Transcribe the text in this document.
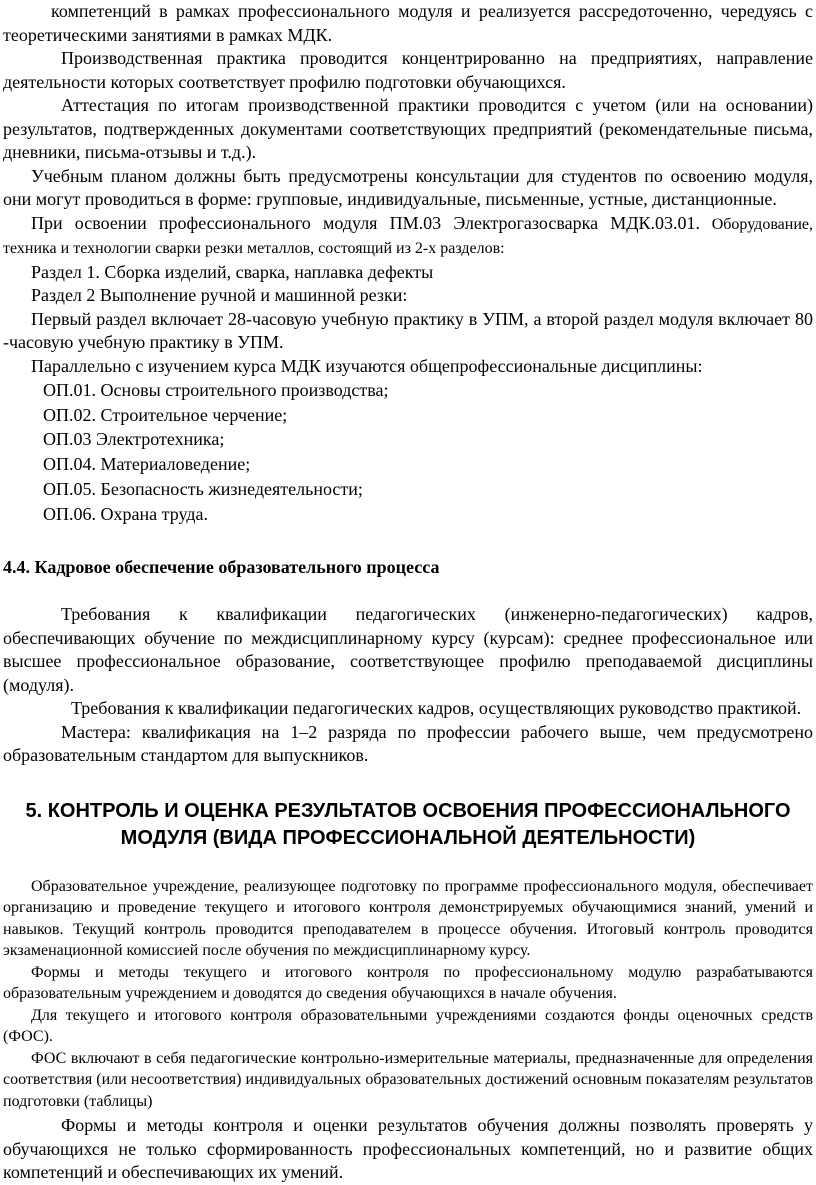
компетенций в рамках профессионального модуля и реализуется рассредоточенно, чередуясь с теоретическими занятиями в рамках МДК.

Производственная практика проводится концентрированно на предприятиях, направление деятельности которых соответствует профилю подготовки обучающихся.

Аттестация по итогам производственной практики проводится с учетом (или на основании) результатов, подтвержденных документами соответствующих предприятий (рекомендательные письма, дневники, письма-отзывы и т.д.).

Учебным планом должны быть предусмотрены консультации для студентов по освоению модуля, они могут проводиться в форме: групповые, индивидуальные, письменные, устные, дистанционные.

При освоении профессионального модуля ПМ.03 Электрогазосварка МДК.03.01. Оборудование, техника и технологии сварки резки металлов, состоящий из 2-х разделов:

Раздел 1. Сборка изделий, сварка, наплавка дефекты

Раздел 2 Выполнение ручной и машинной резки:

Первый раздел включает 28-часовую учебную практику в УПМ, а второй раздел модуля включает 80 -часовую учебную практику в УПМ.

Параллельно с изучением курса МДК изучаются общепрофессиональные дисциплины:

ОП.01. Основы строительного производства;

ОП.02. Строительное черчение;

ОП.03 Электротехника;

ОП.04. Материаловедение;

ОП.05. Безопасность жизнедеятельности;

ОП.06. Охрана труда.

4.4. Кадровое обеспечение образовательного процесса

Требования к квалификации педагогических (инженерно-педагогических) кадров, обеспечивающих обучение по междисциплинарному курсу (курсам): среднее профессиональное или высшее профессиональное образование, соответствующее профилю преподаваемой дисциплины (модуля).

Требования к квалификации педагогических кадров, осуществляющих руководство практикой.

Мастера: квалификация на 1–2 разряда по профессии рабочего выше, чем предусмотрено образовательным стандартом для выпускников.

5. КОНТРОЛЬ И ОЦЕНКА РЕЗУЛЬТАТОВ ОСВОЕНИЯ ПРОФЕССИОНАЛЬНОГО МОДУЛЯ (ВИДА ПРОФЕССИОНАЛЬНОЙ ДЕЯТЕЛЬНОСТИ)

Образовательное учреждение, реализующее подготовку по программе профессионального модуля, обеспечивает организацию и проведение текущего и итогового контроля демонстрируемых обучающимися знаний, умений и навыков. Текущий контроль проводится преподавателем в процессе обучения. Итоговый контроль проводится экзаменационной комиссией после обучения по междисциплинарному курсу.

Формы и методы текущего и итогового контроля по профессиональному модулю разрабатываются образовательным учреждением и доводятся до сведения обучающихся в начале обучения.

Для текущего и итогового контроля образовательными учреждениями создаются фонды оценочных средств (ФОС).

ФОС включают в себя педагогические контрольно-измерительные материалы, предназначенные для определения соответствия (или несоответствия) индивидуальных образовательных достижений основным показателям результатов подготовки (таблицы)

Формы и методы контроля и оценки результатов обучения должны позволять проверять у обучающихся не только сформированность профессиональных компетенций, но и развитие общих компетенций и обеспечивающих их умений.
